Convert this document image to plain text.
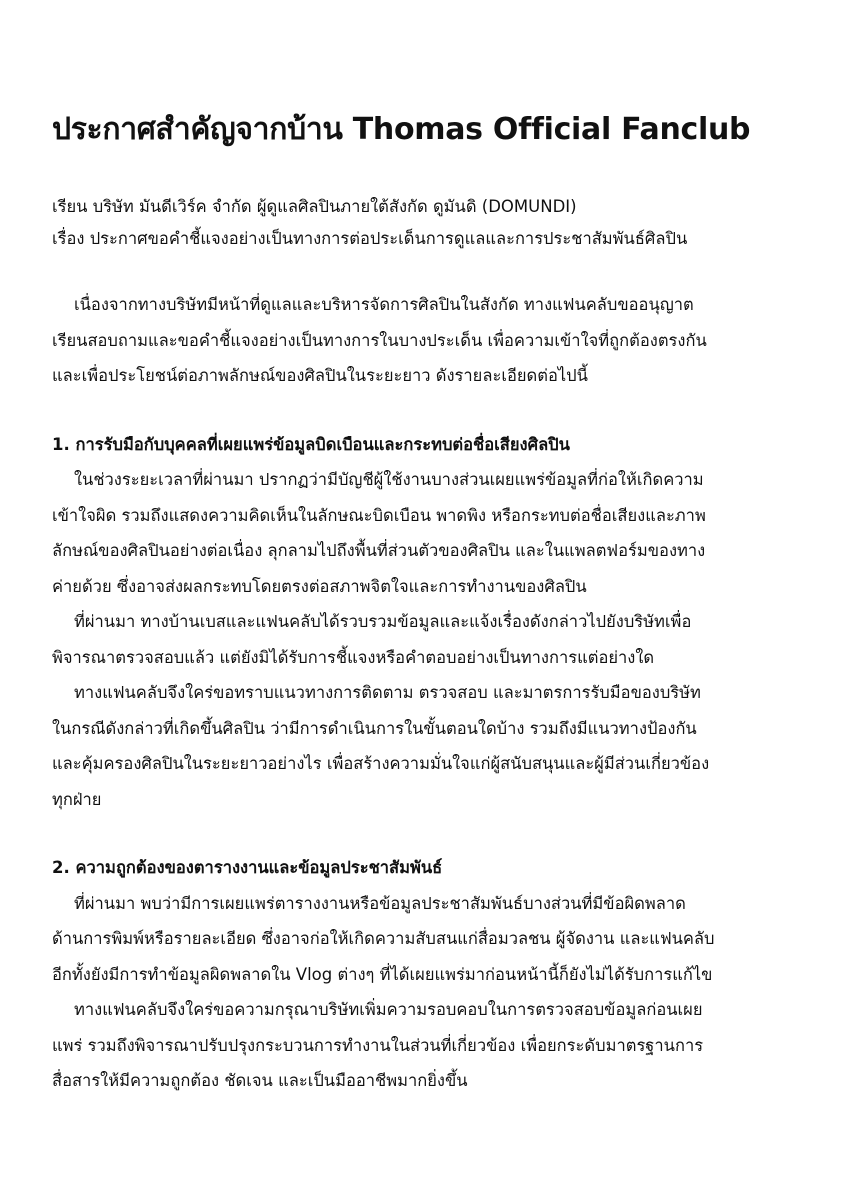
ประกาศสำคัญจากบ้าน Thomas Official Fanclub
เรียน บริษัท มันดีเวิร์ค จำกัด ผู้ดูแลศิลปินภายใต้สังกัด ดูมันดิ (DOMUNDI)
เรื่อง ประกาศขอคำชี้แจงอย่างเป็นทางการต่อประเด็นการดูแลและการประชาสัมพันธ์ศิลปิน
เนื่องจากทางบริษัทมีหน้าที่ดูแลและบริหารจัดการศิลปินในสังกัด ทางแฟนคลับขออนุญาต
เรียนสอบถามและขอคำชี้แจงอย่างเป็นทางการในบางประเด็น เพื่อความเข้าใจที่ถูกต้องตรงกัน
และเพื่อประโยชน์ต่อภาพลักษณ์ของศิลปินในระยะยาว ดังรายละเอียดต่อไปนี้
1. การรับมือกับบุคคลที่เผยแพร่ข้อมูลบิดเบือนและกระทบต่อชื่อเสียงศิลปิน
ในช่วงระยะเวลาที่ผ่านมา ปรากฏว่ามีบัญชีผู้ใช้งานบางส่วนเผยแพร่ข้อมูลที่ก่อให้เกิดความ
เข้าใจผิด รวมถึงแสดงความคิดเห็นในลักษณะบิดเบือน พาดพิง หรือกระทบต่อชื่อเสียงและภาพ
ลักษณ์ของศิลปินอย่างต่อเนื่อง ลุกลามไปถึงพื้นที่ส่วนตัวของศิลปิน และในแพลตฟอร์มของทาง
ค่ายด้วย ซึ่งอาจส่งผลกระทบโดยตรงต่อสภาพจิตใจและการทำงานของศิลปิน
ที่ผ่านมา ทางบ้านเบสและแฟนคลับได้รวบรวมข้อมูลและแจ้งเรื่องดังกล่าวไปยังบริษัทเพื่อ
พิจารณาตรวจสอบแล้ว แต่ยังมิได้รับการชี้แจงหรือคำตอบอย่างเป็นทางการแต่อย่างใด
ทางแฟนคลับจึงใคร่ขอทราบแนวทางการติดตาม ตรวจสอบ และมาตรการรับมือของบริษัท
ในกรณีดังกล่าวที่เกิดขึ้นศิลปิน ว่ามีการดำเนินการในขั้นตอนใดบ้าง รวมถึงมีแนวทางป้องกัน
และคุ้มครองศิลปินในระยะยาวอย่างไร เพื่อสร้างความมั่นใจแก่ผู้สนับสนุนและผู้มีส่วนเกี่ยวข้อง
ทุกฝ่าย
2. ความถูกต้องของตารางงานและข้อมูลประชาสัมพันธ์
ที่ผ่านมา พบว่ามีการเผยแพร่ตารางงานหรือข้อมูลประชาสัมพันธ์บางส่วนที่มีข้อผิดพลาด
ด้านการพิมพ์หรือรายละเอียด ซึ่งอาจก่อให้เกิดความสับสนแก่สื่อมวลชน ผู้จัดงาน และแฟนคลับ
อีกทั้งยังมีการทำข้อมูลผิดพลาดใน Vlog ต่างๆ ที่ได้เผยแพร่มาก่อนหน้านี้ก็ยังไม่ได้รับการแก้ไข
ทางแฟนคลับจึงใคร่ขอความกรุณาบริษัทเพิ่มความรอบคอบในการตรวจสอบข้อมูลก่อนเผย
แพร่ รวมถึงพิจารณาปรับปรุงกระบวนการทำงานในส่วนที่เกี่ยวข้อง เพื่อยกระดับมาตรฐานการ
สื่อสารให้มีความถูกต้อง ชัดเจน และเป็นมืออาชีพมากยิ่งขึ้น
